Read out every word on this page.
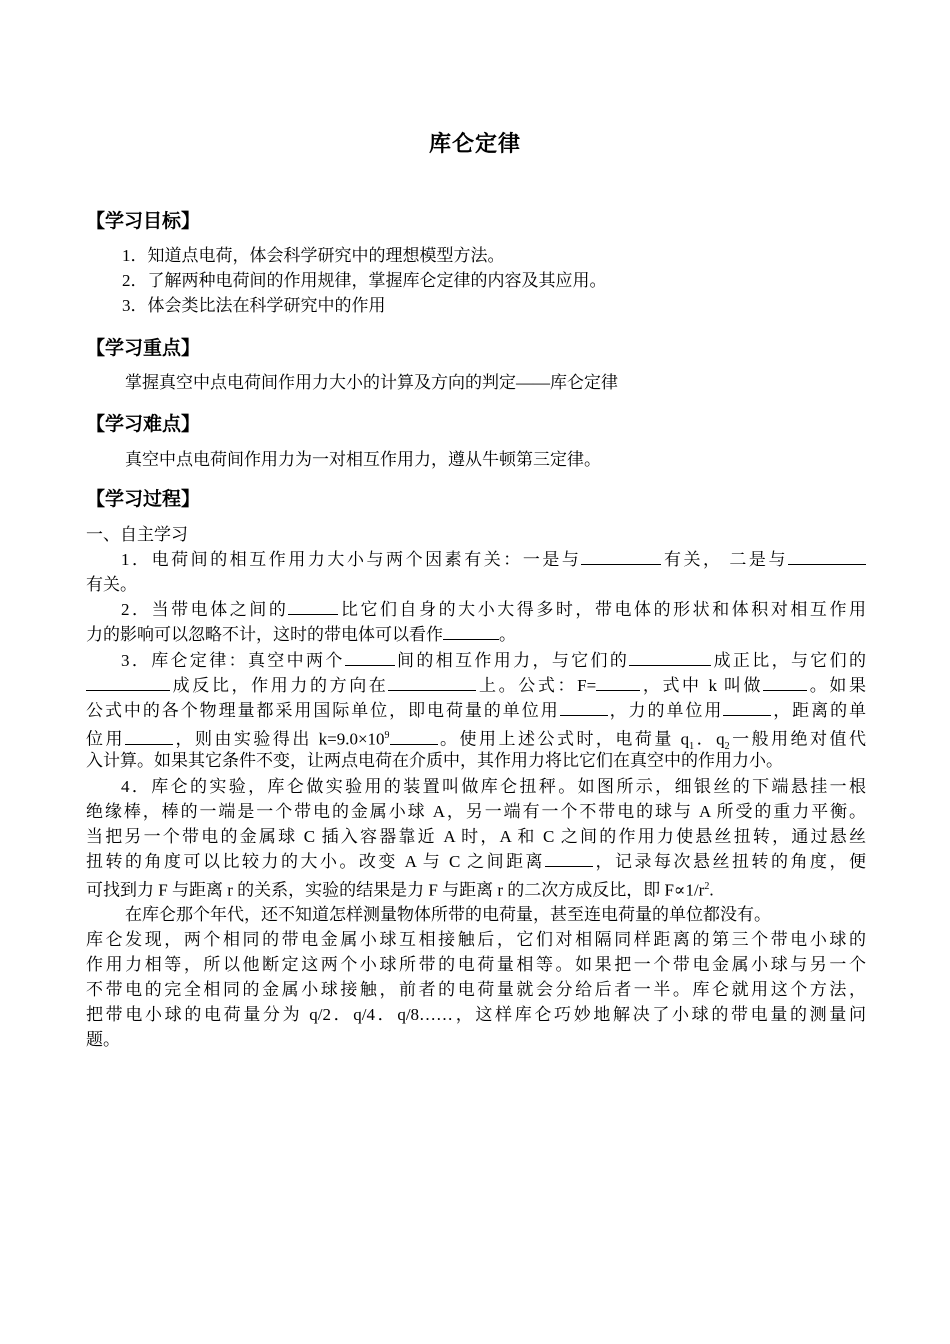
库仑定律
【学习目标】
1．知道点电荷，体会科学研究中的理想模型方法。
2．了解两种电荷间的作用规律，掌握库仑定律的内容及其应用。
3．体会类比法在科学研究中的作用
【学习重点】
掌握真空中点电荷间作用力大小的计算及方向的判定——库仑定律
【学习难点】
真空中点电荷间作用力为一对相互作用力，遵从牛顿第三定律。
【学习过程】
一、自主学习
1．电荷间的相互作用力大小与两个因素有关：一是与	有关， 二是与
有关。
2．当带电体之间的	比它们自身的大小大得多时，带电体的形状和体积对相互作用
力的影响可以忽略不计，这时的带电体可以看作	。
3．库仑定律：真空中两个	间的相互作用力，与它们的	成正比，与它们的
成反比，作用力的方向在	上。公式：F=	，式中 k 叫做	。如果
公式中的各个物理量都采用国际单位，即电荷量的单位用	，力的单位用	，距离的单
位用	，则由实验得出 $k=9.0\times 10^9$	。使用上述公式时，电荷量 $q_1$．$q_2$一般用绝对值代
入计算。如果其它条件不变，让两点电荷在介质中，其作用力将比它们在真空中的作用力小。
4．库仑的实验，库仑做实验用的装置叫做库仑扭秤。如图所示，细银丝的下端悬挂一根
绝缘棒，棒的一端是一个带电的金属小球 A，另一端有一个不带电的球与 A 所受的重力平衡。
当把另一个带电的金属球 C 插入容器靠近 A 时，A 和 C 之间的作用力使悬丝扭转，通过悬丝
扭转的角度可以比较力的大小。改变 A 与 C 之间距离	，记录每次悬丝扭转的角度，便
可找到力 F 与距离 r 的关系，实验的结果是力 F 与距离 r 的二次方成反比，即 $F\propto 1/r^2$.
在库仑那个年代，还不知道怎样测量物体所带的电荷量，甚至连电荷量的单位都没有。
库仑发现，两个相同的带电金属小球互相接触后，它们对相隔同样距离的第三个带电小球的
作用力相等，所以他断定这两个小球所带的电荷量相等。如果把一个带电金属小球与另一个
不带电的完全相同的金属小球接触，前者的电荷量就会分给后者一半。库仑就用这个方法，
把带电小球的电荷量分为 q/2．q/4．q/8……，这样库仑巧妙地解决了小球的带电量的测量问
题。
